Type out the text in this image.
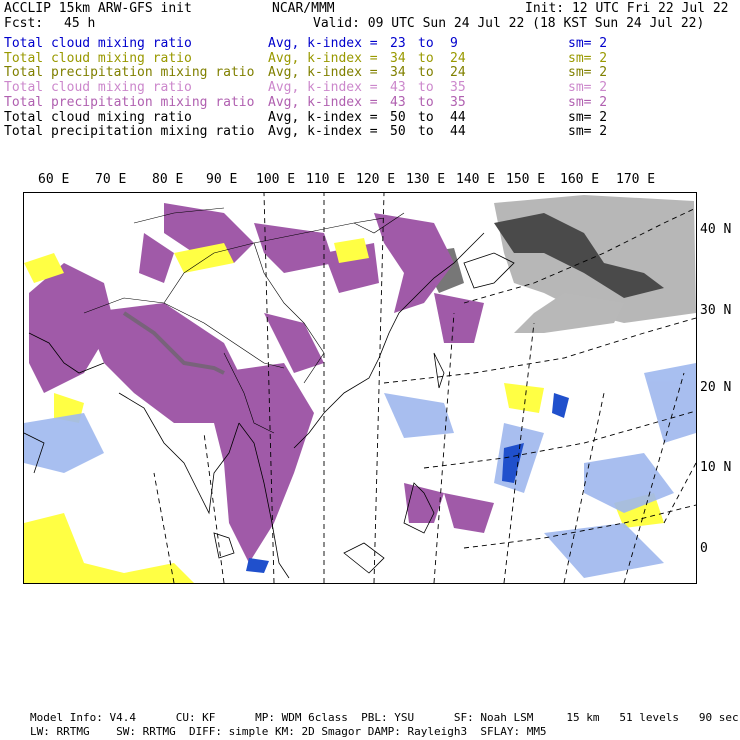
ACCLIP 15km ARW-GFS init	NCAR/MMM	Init: 12 UTC Fri 22 Jul 22
Fcst: 45 h	Valid: 09 UTC Sun 24 Jul 22 (18 KST Sun 24 Jul 22)
Total cloud mixing ratio	Avg, k-index = 23 to 9	sm= 2
Total cloud mixing ratio	Avg, k-index = 34 to 24	sm= 2
Total precipitation mixing ratio Avg, k-index = 34 to 24	sm= 2
Total cloud mixing ratio	Avg, k-index = 43 to 35	sm= 2
Total precipitation mixing ratio Avg, k-index = 43 to 35	sm= 2
Total cloud mixing ratio	Avg, k-index = 50 to 44	sm= 2
Total precipitation mixing ratio Avg, k-index = 50 to 44	sm= 2
60 E 70 E 80 E 90 E 100 E 110 E 120 E 130 E 140 E 150 E 160 E 170 E
40 N
30 N
20 N
10 N
0
Model Info: V4.4      CU: KF      MP: WDM 6class  PBL: YSU      SF: Noah LSM     15 km   51 levels   90 sec
LW: RRTMG    SW: RRTMG  DIFF: simple KM: 2D Smagor DAMP: Rayleigh3  SFLAY: MM5
